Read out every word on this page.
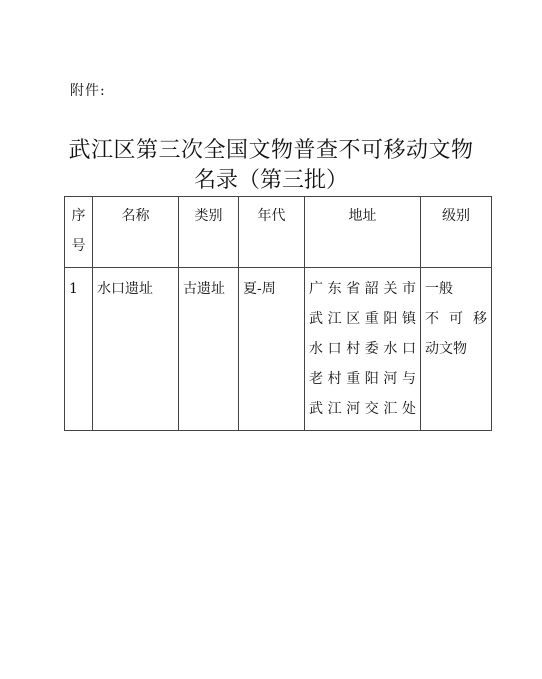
附件:
武江区第三次全国文物普查不可移动文物
名录（第三批）
序
号	名称	类别	年代	地址	级别
1	水口遗址	古遗址	夏-周	广东省韶关市
武江区重阳镇
水口村委水口
老村重阳河与
武江河交汇处	一般
不可移
动文物
